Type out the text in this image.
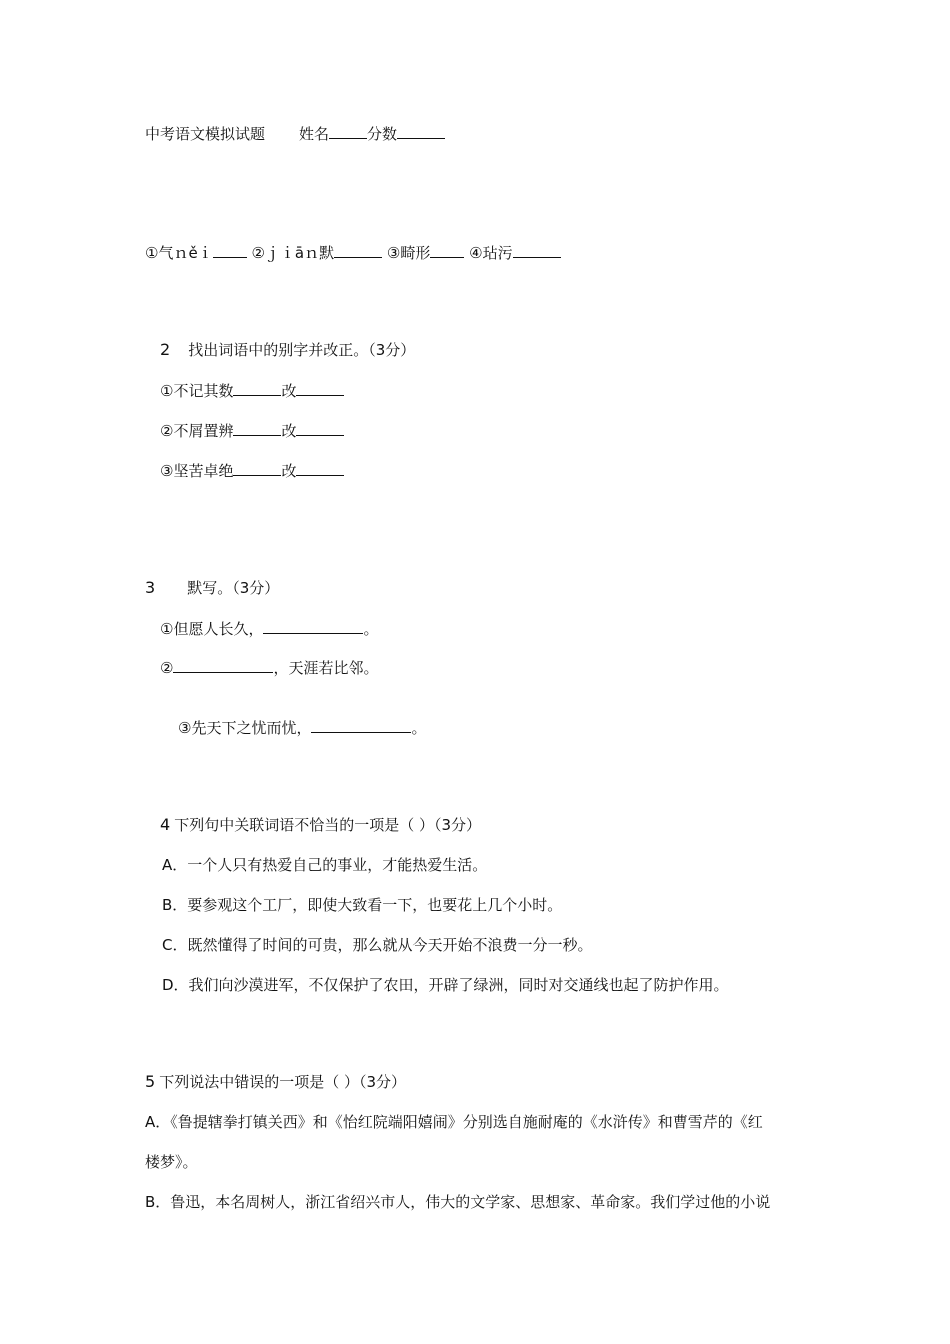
中考语文模拟试题 姓名	分数
①气ｎěｉ	②ｊｉāｎ默	③畸形	④玷污
2 找出词语中的别字并改正。（3分）
①不记其数	改
②不屑置辨	改
③坚苦卓绝	改
3 默写。（3分）
①但愿人长久，	。
②	，天涯若比邻。
③先天下之忧而忧，	。
4 下列句中关联词语不恰当的一项是（ ）（3分）
A．一个人只有热爱自己的事业，才能热爱生活。
B．要参观这个工厂，即使大致看一下，也要花上几个小时。
C．既然懂得了时间的可贵，那么就从今天开始不浪费一分一秒。
D．我们向沙漠进军，不仅保护了农田，开辟了绿洲，同时对交通线也起了防护作用。
5 下列说法中错误的一项是（ ）（3分）
A．《鲁提辖拳打镇关西》和《怡红院端阳嬉闹》分别选自施耐庵的《水浒传》和曹雪芹的《红
楼梦》。
B．鲁迅，本名周树人，浙江省绍兴市人，伟大的文学家、思想家、革命家。我们学过他的小说
